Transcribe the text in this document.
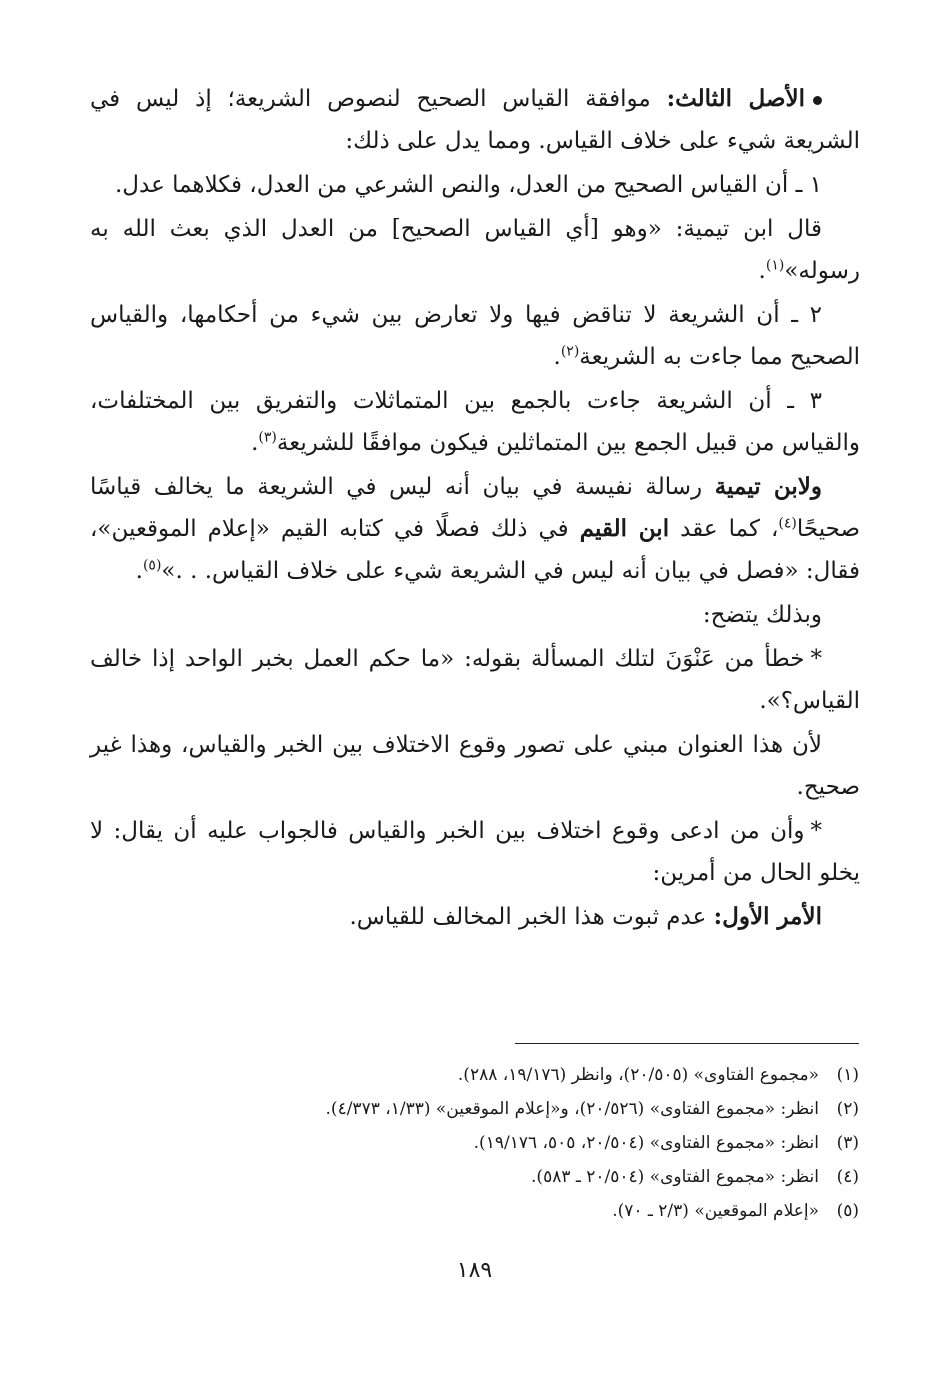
الأصل الثالث: موافقة القياس الصحيح لنصوص الشريعة؛ إذ ليس في الشريعة شيء على خلاف القياس. ومما يدل على ذلك:

١ ـ أن القياس الصحيح من العدل، والنص الشرعي من العدل، فكلاهما عدل.

قال ابن تيمية: «وهو [أي القياس الصحيح] من العدل الذي بعث الله به رسوله»$^{(١)}$.

٢ ـ أن الشريعة لا تناقض فيها ولا تعارض بين شيء من أحكامها، والقياس الصحيح مما جاءت به الشريعة$^{(٢)}$.

٣ ـ أن الشريعة جاءت بالجمع بين المتماثلات والتفريق بين المختلفات، والقياس من قبيل الجمع بين المتماثلين فيكون موافقًا للشريعة$^{(٣)}$.

ولابن تيمية رسالة نفيسة في بيان أنه ليس في الشريعة ما يخالف قياسًا صحيحًا$^{(٤)}$، كما عقد ابن القيم في ذلك فصلًا في كتابه القيم «إعلام الموقعين»، فقال: «فصل في بيان أنه ليس في الشريعة شيء على خلاف القياس. . .»$^{(٥)}$.

وبذلك يتضح:

*خطأ من عَنْوَنَ لتلك المسألة بقوله: «ما حكم العمل بخبر الواحد إذا خالف القياس؟».

لأن هذا العنوان مبني على تصور وقوع الاختلاف بين الخبر والقياس، وهذا غير صحيح.

*وأن من ادعى وقوع اختلاف بين الخبر والقياس فالجواب عليه أن يقال: لا يخلو الحال من أمرين:

الأمر الأول: عدم ثبوت هذا الخبر المخالف للقياس.

(١)
«مجموع الفتاوى» (٢٠/٥٠٥)، وانظر (١٩/١٧٦، ٢٨٨).

(٢)
انظر: «مجموع الفتاوى» (٢٠/٥٢٦)، و«إعلام الموقعين» (١/٣٣، ٤/٣٧٣).

(٣)
انظر: «مجموع الفتاوى» (٢٠/٥٠٤، ٥٠٥، ١٩/١٧٦).

(٤)
انظر: «مجموع الفتاوى» (٢٠/٥٠٤ ـ ٥٨٣).

(٥)
«إعلام الموقعين» (٢/٣ ـ ٧٠).

١٨٩
